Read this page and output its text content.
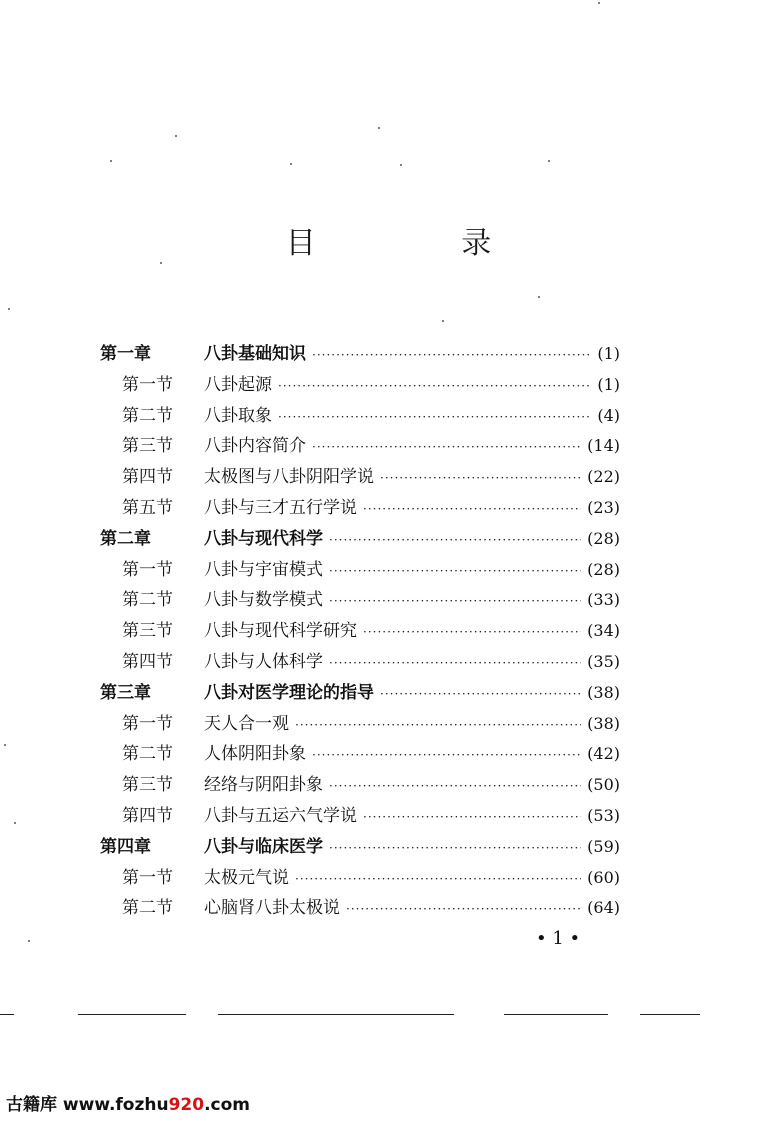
目 录
第一章	八卦基础知识 ·····	(1)
第一节	八卦起源 ·····	(1)
第二节	八卦取象 ·····	(4)
第三节	八卦内容简介 ·····	(14)
第四节	太极图与八卦阴阳学说 ·····	(22)
第五节	八卦与三才五行学说 ·····	(23)
第二章	八卦与现代科学 ·····	(28)
第一节	八卦与宇宙模式 ·····	(28)
第二节	八卦与数学模式 ·····	(33)
第三节	八卦与现代科学研究 ·····	(34)
第四节	八卦与人体科学 ·····	(35)
第三章	八卦对医学理论的指导 ·····	(38)
第一节	天人合一观 ·····	(38)
第二节	人体阴阳卦象 ·····	(42)
第三节	经络与阴阳卦象 ·····	(50)
第四节	八卦与五运六气学说 ·····	(53)
第四章	八卦与临床医学 ·····	(59)
第一节	太极元气说 ·····	(60)
第二节	心脑肾八卦太极说 ·····	(64)
• 1 •
古籍库 www.fozhu920.com
